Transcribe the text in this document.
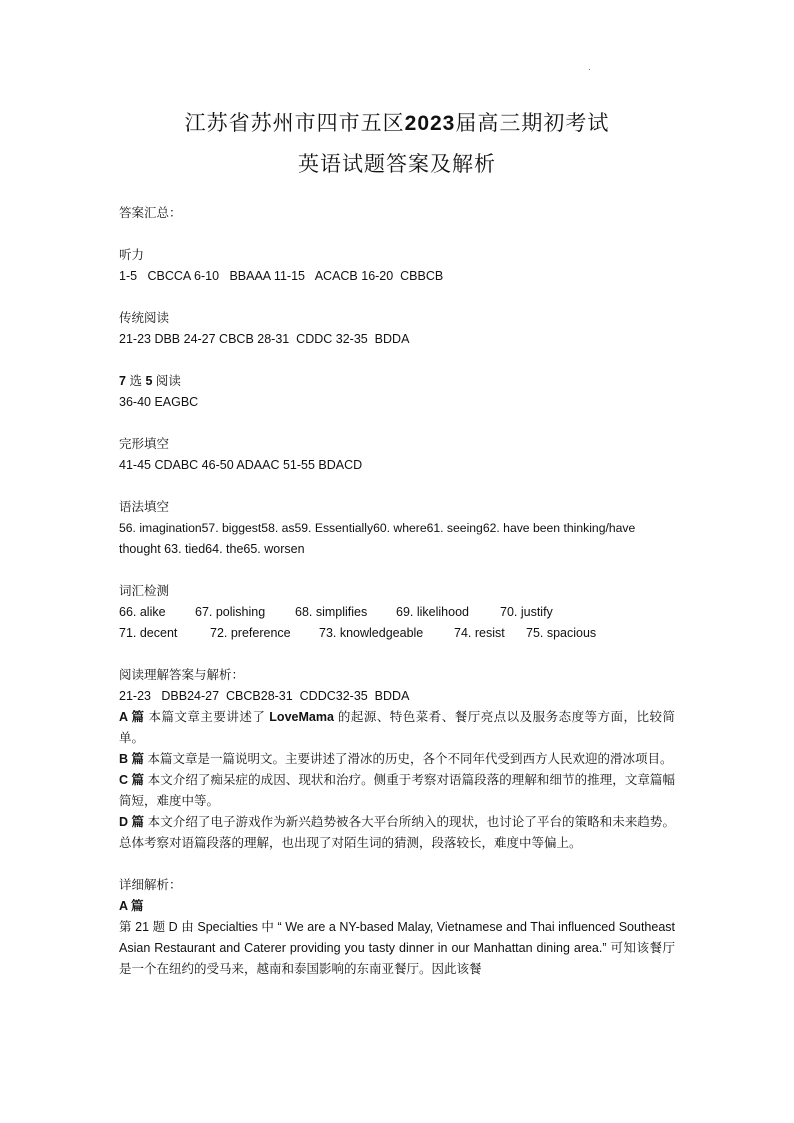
.
江苏省苏州市四市五区2023届高三期初考试
英语试题答案及解析

答案汇总：

听力

1-5   CBCCA 6-10   BBAAA 11-15   ACACB 16-20  CBBCB

传统阅读

21-23 DBB 24-27 CBCB 28-31  CDDC 32-35  BDDA

7 选 5 阅读

36-40 EAGBC

完形填空

41-45 CDABC 46-50 ADAAC 51-55 BDACD

语法填空

56. imagination57. biggest58. as59. Essentially60. where61. seeing62. have been thinking/have

thought 63. tied64. the65. worsen

词汇检测

66. alike	67. polishing	68. simplifies	69. likelihood	70. justify
71. decent	72. preference	73. knowledgeable	74. resist	75. spacious

阅读理解答案与解析：

21-23   DBB24-27  CBCB28-31  CDDC32-35  BDDA

A 篇 本篇文章主要讲述了 LoveMama 的起源、特色菜肴、餐厅亮点以及服务态度等方面，比较简单。

B 篇 本篇文章是一篇说明文。主要讲述了滑冰的历史，各个不同年代受到西方人民欢迎的滑冰项目。

C 篇 本文介绍了痴呆症的成因、现状和治疗。侧重于考察对语篇段落的理解和细节的推理，文章篇幅简短，难度中等。

D 篇 本文介绍了电子游戏作为新兴趋势被各大平台所纳入的现状，也讨论了平台的策略和未来趋势。总体考察对语篇段落的理解，也出现了对陌生词的猜测，段落较长，难度中等偏上。

详细解析：

A 篇

第 21 题 D 由 Specialties 中 “ We are a NY-based Malay, Vietnamese and Thai influenced Southeast Asian Restaurant and Caterer providing you tasty dinner in our Manhattan dining area.” 可知该餐厅是一个在纽约的受马来，越南和泰国影响的东南亚餐厅。因此该餐
